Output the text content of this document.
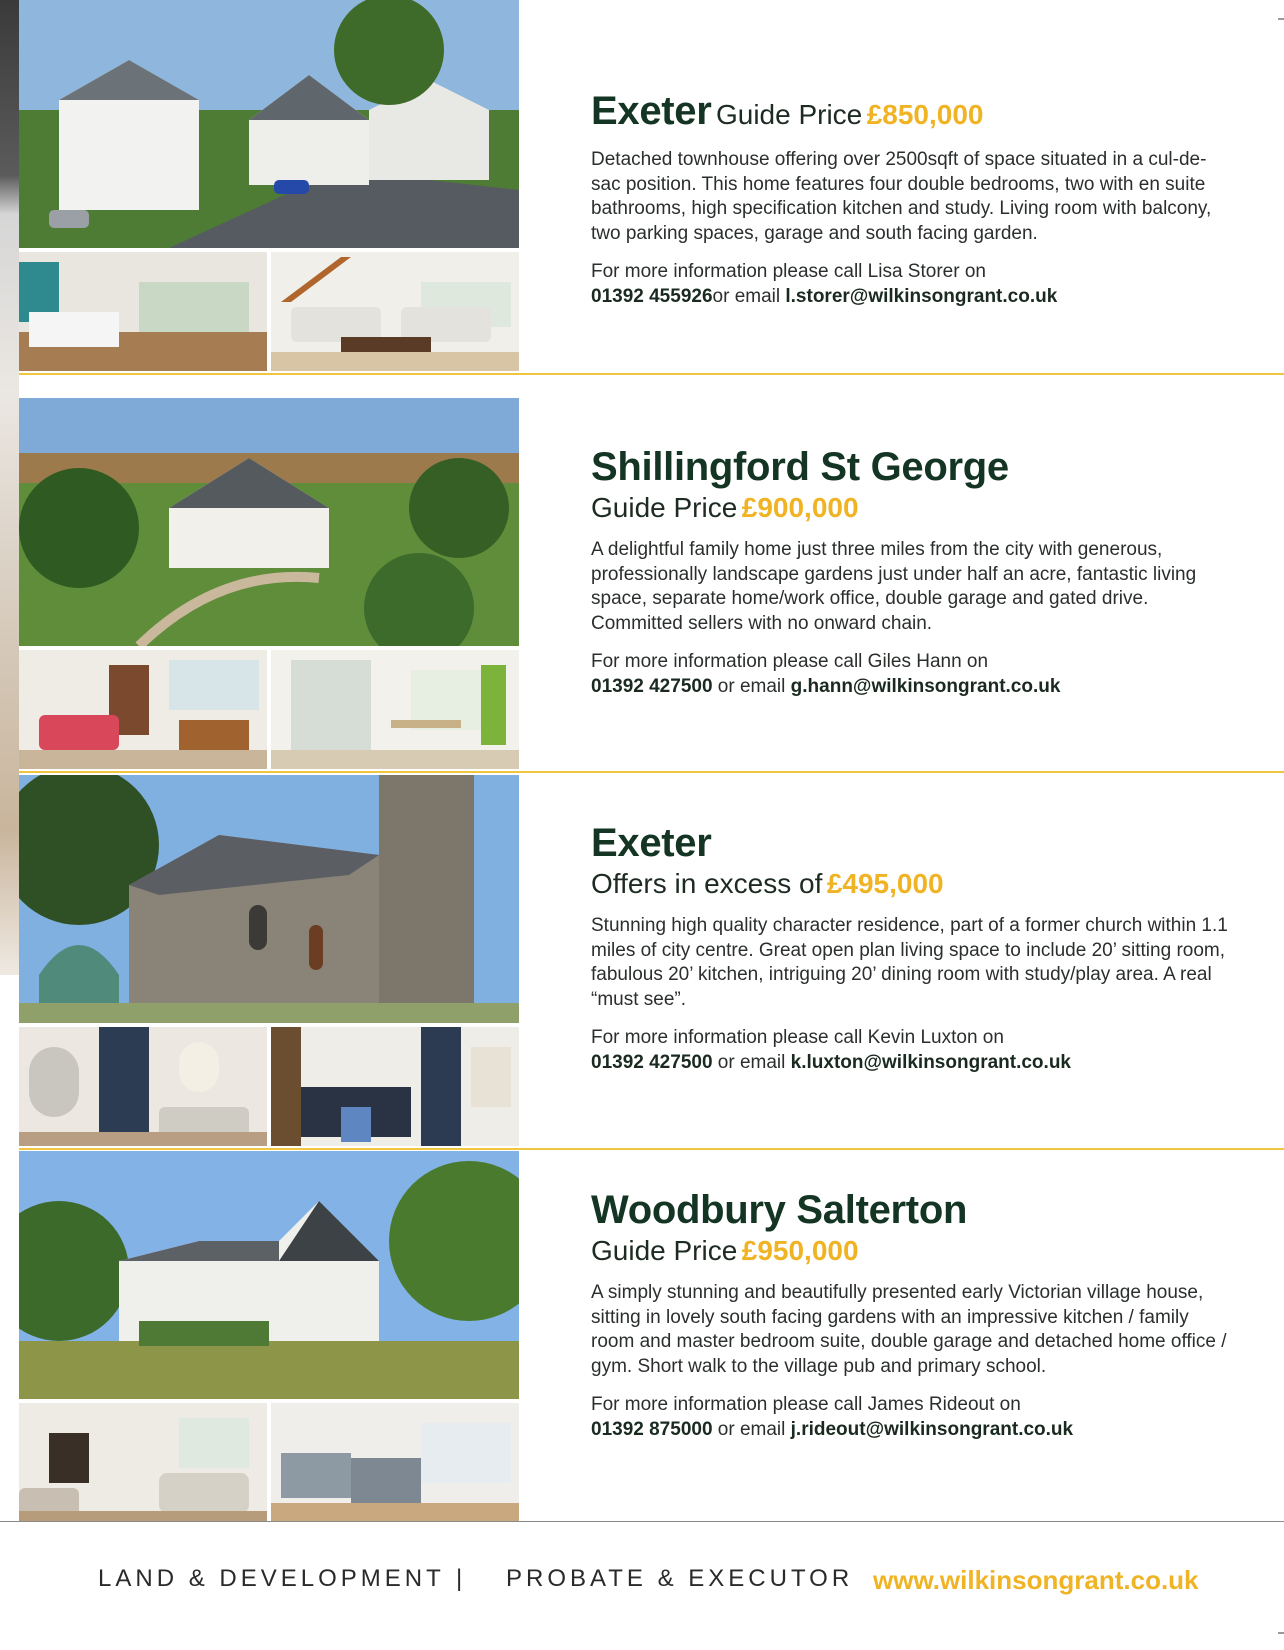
Exeter Guide Price £850,000

Detached townhouse offering over 2500sqft of space situated in a cul-de-sac position. This home features four double bedrooms, two with en suite bathrooms, high specification kitchen and study. Living room with balcony, two parking spaces, garage and south facing garden.

For more information please call Lisa Storer on
01392 455926or email l.storer@wilkinsongrant.co.uk

Shillingford St George

Guide Price £900,000

A delightful family home just three miles from the city with generous, professionally landscape gardens just under half an acre, fantastic living space, separate home/work office, double garage and gated drive. Committed sellers with no onward chain.

For more information please call Giles Hann on
01392 427500 or email g.hann@wilkinsongrant.co.uk

Exeter

Offers in excess of £495,000

Stunning high quality character residence, part of a former church within 1.1 miles of city centre. Great open plan living space to include 20’ sitting room, fabulous 20’ kitchen, intriguing 20’ dining room with study/play area. A real “must see”.

For more information please call Kevin Luxton on
01392 427500 or email k.luxton@wilkinsongrant.co.uk

Woodbury Salterton

Guide Price £950,000

A simply stunning and beautifully presented early Victorian village house, sitting in lovely south facing gardens with an impressive kitchen / family room and master bedroom suite, double garage and detached home office / gym. Short walk to the village pub and primary school.

For more information please call James Rideout on
01392 875000 or email j.rideout@wilkinsongrant.co.uk

LAND & DEVELOPMENT | PROBATE & EXECUTOR www.wilkinsongrant.co.uk
